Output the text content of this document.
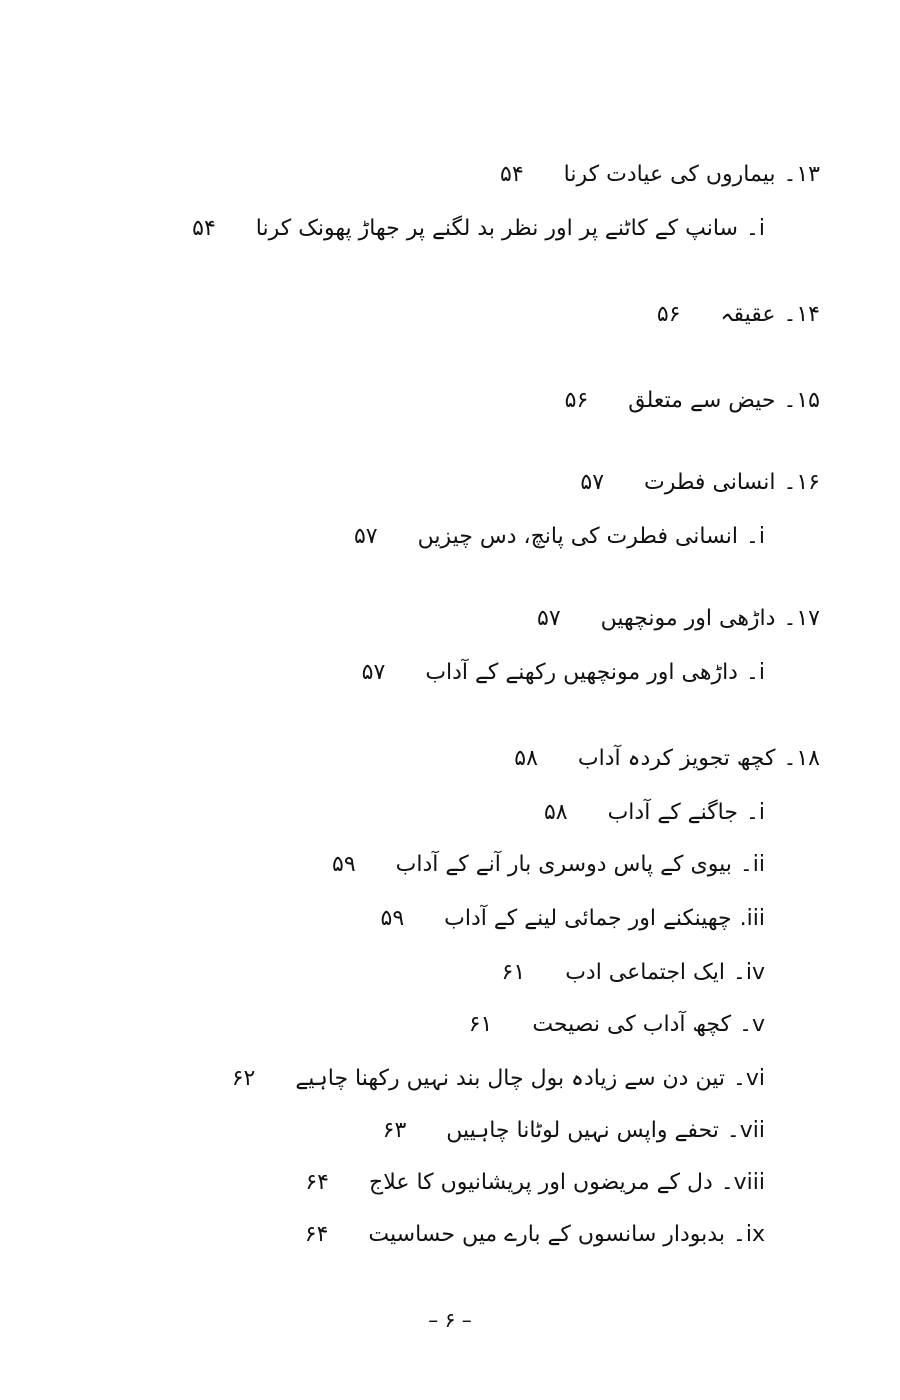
۱۳۔بیماروں کی عیادت کرنا۵۴
i۔سانپ کے کاٹنے پر اور نظر بد لگنے پر جھاڑ پھونک کرنا۵۴
۱۴۔عقیقہ۵۶
۱۵۔حیض سے متعلق۵۶
۱۶۔انسانی فطرت۵۷
i۔انسانی فطرت کی پانچ، دس چیزیں۵۷
۱۷۔داڑھی اور مونچھیں۵۷
i۔داڑھی اور مونچھیں رکھنے کے آداب۵۷
۱۸۔کچھ تجویز کردہ آداب۵۸
i۔جاگنے کے آداب۵۸
ii۔بیوی کے پاس دوسری بار آنے کے آداب۵۹
iii.چھینکنے اور جمائی لینے کے آداب۵۹
iv۔ایک اجتماعی ادب۶۱
v۔کچھ آداب کی نصیحت۶۱
vi۔تین دن سے زیادہ بول چال بند نہیں رکھنا چاہیے۶۲
vii۔تحفے واپس نہیں لوٹانا چاہییں۶۳
viii۔دل کے مریضوں اور پریشانیوں کا علاج۶۴
ix۔بدبودار سانسوں کے بارے میں حساسیت۶۴
– ۶ –
